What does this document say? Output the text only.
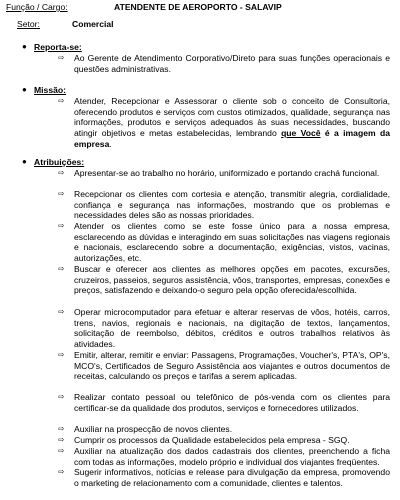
Função / Cargo:	ATENDENTE DE AEROPORTO - SALAVIP
Setor:	Comercial
● Reporta-se:
⇨ Ao Gerente de Atendimento Corporativo/Direto para suas funções operacionais e questões administrativas.
● Missão:
⇨ Atender, Recepcionar e Assessorar o cliente sob o conceito de Consultoria, oferecendo produtos e serviços com custos otimizados, qualidade, segurança nas informações, produtos e serviços adequados às suas necessidades, buscando atingir objetivos e metas estabelecidas, lembrando que Você é a imagem da empresa.
● Atribuições:
⇨ Apresentar-se ao trabalho no horário, uniformizado e portando crachá funcional.
⇨ Recepcionar os clientes com cortesia e atenção, transmitir alegria, cordialidade, confiança e segurança nas informações, mostrando que os problemas e necessidades deles são as nossas prioridades.
⇨ Atender os clientes como se este fosse único para a nossa empresa, esclarecendo as dúvidas e interagindo em suas solicitações nas viagens regionais e nacionais, esclarecendo sobre a documentação, exigências, vistos, vacinas, autorizações, etc.
⇨ Buscar e oferecer aos clientes as melhores opções em pacotes, excursões, cruzeiros, passeios, seguros assistência, vôos, transportes, empresas, conexões e preços, satisfazendo e deixando-o seguro pela opção oferecida/escolhida.
⇨ Operar microcomputador para efetuar e alterar reservas de vôos, hotéis, carros, trens, navios, regionais e nacionais, na digitação de textos, lançamentos, solicitação de reembolso, débitos, créditos e outros trabalhos relativos às atividades.
⇨ Emitir, alterar, remitir e enviar: Passagens, Programações, Voucher's, PTA's, OP's, MCO's, Certificados de Seguro Assistência aos viajantes e outros documentos de receitas, calculando os preços e tarifas a serem aplicadas.
⇨ Realizar contato pessoal ou telefônico de pós-venda com os clientes para certificar-se da qualidade dos produtos, serviços e fornecedores utilizados.
⇨ Auxiliar na prospecção de novos clientes.
⇨ Cumprir os processos da Qualidade estabelecidos pela empresa - SGQ.
⇨ Auxiliar na atualização dos dados cadastrais dos clientes, preenchendo a ficha com todas as informações, modelo próprio e individual dos viajantes freqüentes.
⇨ Sugerir informativos, notícias e release para divulgação da empresa, promovendo o marketing de relacionamento com a comunidade, clientes e talentos.
